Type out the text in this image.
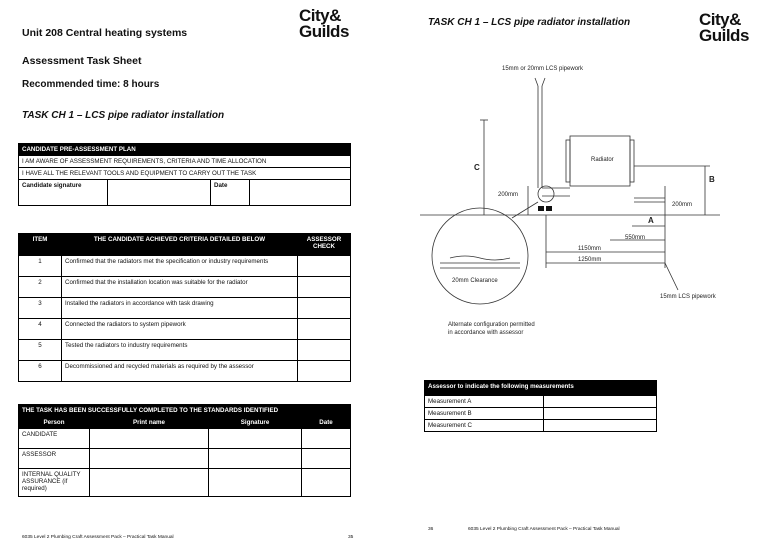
Unit 208 Central heating systems
Assessment Task Sheet
Recommended time: 8 hours
TASK CH 1 – LCS pipe radiator installation
City&
Guilds
CANDIDATE PRE-ASSESSMENT PLAN
I AM AWARE OF ASSESSMENT REQUIREMENTS, CRITERIA AND TIME ALLOCATION
I HAVE ALL THE RELEVANT TOOLS AND EQUIPMENT TO CARRY OUT THE TASK
Candidate signature		Date	
ITEM	THE CANDIDATE ACHIEVED CRITERIA DETAILED BELOW	ASSESSOR CHECK
1	Confirmed that the radiators met the specification or industry requirements	
2	Confirmed that the installation location was suitable for the radiator	
3	Installed the radiators in accordance with task drawing	
4	Connected the radiators to system pipework	
5	Tested the radiators to industry requirements	
6	Decommissioned and recycled materials as required by the assessor	
THE TASK HAS BEEN SUCCESSFULLY COMPLETED TO THE STANDARDS IDENTIFIED			
Person	Print name	Signature	Date
CANDIDATE			
ASSESSOR			
INTERNAL QUALITY ASSURANCE (if required)			
6035 Level 2 Plumbing Craft Assessment Pack – Practical Task Manual	35
TASK CH 1 – LCS pipe radiator installation	City&
Guilds
15mm or 20mm LCS pipework
Radiator
C
B
A
200mm
200mm
550mm
1150mm
1250mm
20mm Clearance
Alternate configuration permitted
in accordance with assessor
15mm LCS pipework
Assessor to indicate the following measurements	
Measurement A	
Measurement B	
Measurement C	
36	6035 Level 2 Plumbing Craft Assessment Pack – Practical Task Manual
